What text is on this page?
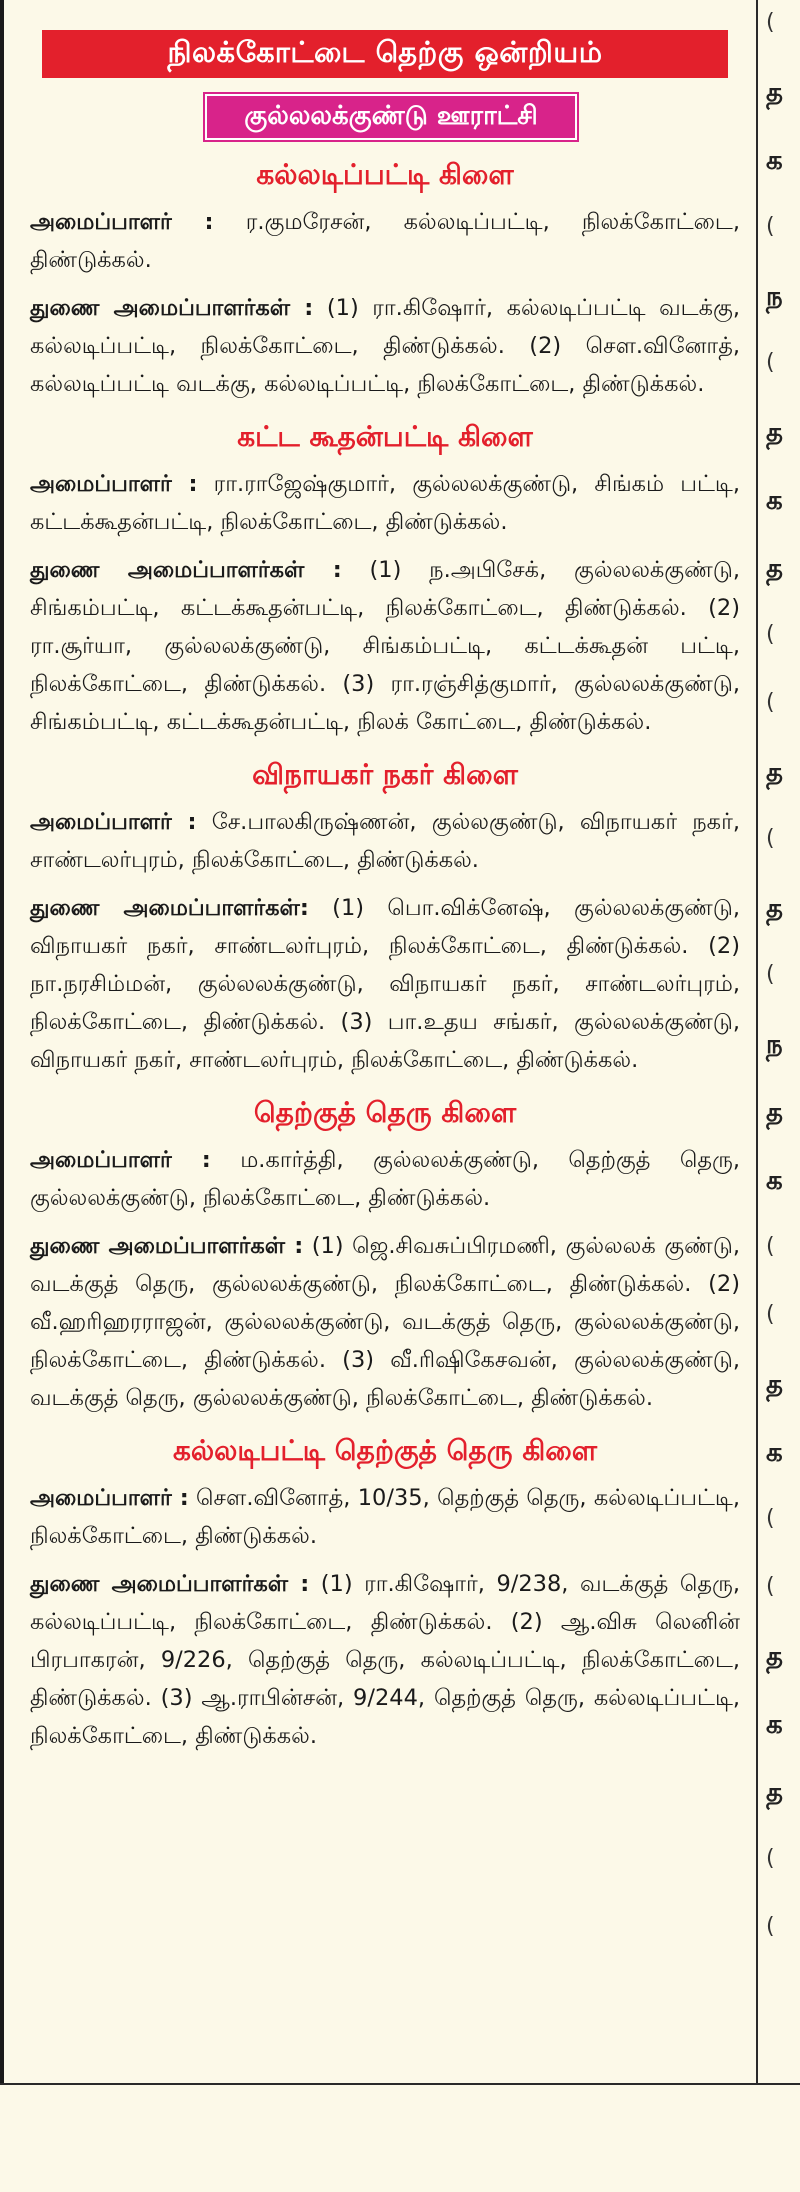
நிலக்கோட்டை தெற்கு ஒன்றியம்
குல்லலக்குண்டு ஊராட்சி
கல்லடிப்பட்டி கிளை

அமைப்பாளர் : ர.குமரேசன், கல்லடிப்பட்டி, நிலக்கோட்டை, திண்டுக்கல்.

துணை அமைப்பாளர்கள் : (1) ரா.கிஷோர், கல்லடிப்பட்டி வடக்கு, கல்லடிப்பட்டி, நிலக்கோட்டை, திண்டுக்கல். (2) சௌ.வினோத், கல்லடிப்பட்டி வடக்கு, கல்லடிப்பட்டி, நிலக்கோட்டை, திண்டுக்கல்.

கட்ட கூதன்பட்டி கிளை

அமைப்பாளர் : ரா.ராஜேஷ்குமார், குல்லலக்குண்டு, சிங்கம் பட்டி, கட்டக்கூதன்பட்டி, நிலக்கோட்டை, திண்டுக்கல்.

துணை அமைப்பாளர்கள் : (1) ந.அபிசேக், குல்லலக்குண்டு, சிங்கம்பட்டி, கட்டக்கூதன்பட்டி, நிலக்கோட்டை, திண்டுக்கல். (2) ரா.சூர்யா, குல்லலக்குண்டு, சிங்கம்பட்டி, கட்டக்கூதன் பட்டி, நிலக்கோட்டை, திண்டுக்கல். (3) ரா.ரஞ்சித்குமார், குல்லலக்குண்டு, சிங்கம்பட்டி, கட்டக்கூதன்பட்டி, நிலக் கோட்டை, திண்டுக்கல்.

விநாயகர் நகர் கிளை

அமைப்பாளர் : சே.பாலகிருஷ்ணன், குல்லகுண்டு, விநாயகர் நகர், சாண்டலர்புரம், நிலக்கோட்டை, திண்டுக்கல்.

துணை அமைப்பாளர்கள்: (1) பொ.விக்னேஷ், குல்லலக்குண்டு, விநாயகர் நகர், சாண்டலர்புரம், நிலக்கோட்டை, திண்டுக்கல். (2) நா.நரசிம்மன், குல்லலக்குண்டு, விநாயகர் நகர், சாண்டலர்புரம், நிலக்கோட்டை, திண்டுக்கல். (3) பா.உதய சங்கர், குல்லலக்குண்டு, விநாயகர் நகர், சாண்டலர்புரம், நிலக்கோட்டை, திண்டுக்கல்.

தெற்குத் தெரு கிளை

அமைப்பாளர் : ம.கார்த்தி, குல்லலக்குண்டு, தெற்குத் தெரு, குல்லலக்குண்டு, நிலக்கோட்டை, திண்டுக்கல்.

துணை அமைப்பாளர்கள் : (1) ஜெ.சிவசுப்பிரமணி, குல்லலக் குண்டு, வடக்குத் தெரு, குல்லலக்குண்டு, நிலக்கோட்டை, திண்டுக்கல். (2) வீ.ஹரிஹரராஜன், குல்லலக்குண்டு, வடக்குத் தெரு, குல்லலக்குண்டு, நிலக்கோட்டை, திண்டுக்கல். (3) வீ.ரிஷிகேசவன், குல்லலக்குண்டு, வடக்குத் தெரு, குல்லலக்குண்டு, நிலக்கோட்டை, திண்டுக்கல்.

கல்லடிபட்டி தெற்குத் தெரு கிளை

அமைப்பாளர் : சௌ.வினோத், 10/35, தெற்குத் தெரு, கல்லடிப்பட்டி, நிலக்கோட்டை, திண்டுக்கல்.

துணை அமைப்பாளர்கள் : (1) ரா.கிஷோர், 9/238, வடக்குத் தெரு, கல்லடிப்பட்டி, நிலக்கோட்டை, திண்டுக்கல். (2) ஆ.விசு லெனின் பிரபாகரன், 9/226, தெற்குத் தெரு, கல்லடிப்பட்டி, நிலக்கோட்டை, திண்டுக்கல். (3) ஆ.ராபின்சன், 9/244, தெற்குத் தெரு, கல்லடிப்பட்டி, நிலக்கோட்டை, திண்டுக்கல்.

(
த
க
(
ந
(
த
க
த
(
(
த
(
த
(
ந
த
க
(
(
த
க
(
(
த
க
த
(
(
